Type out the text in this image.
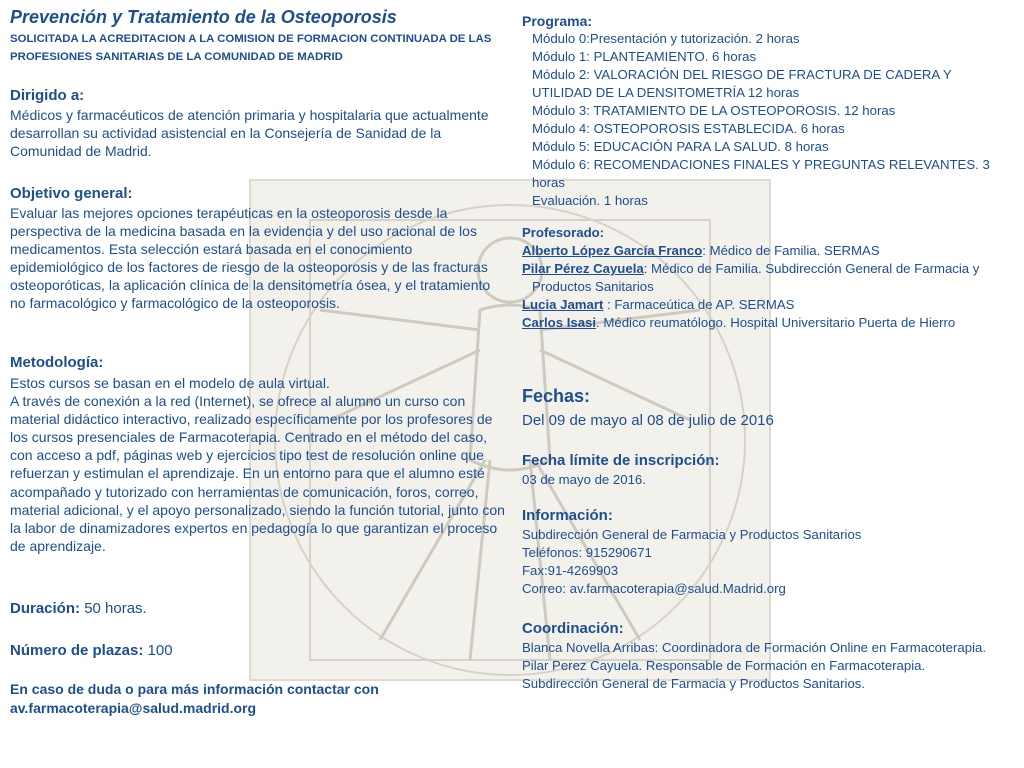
Prevención y Tratamiento de la Osteoporosis
SOLICITADA LA ACREDITACION A LA COMISION DE FORMACION CONTINUADA DE LAS PROFESIONES SANITARIAS DE LA COMUNIDAD DE MADRID
Dirigido a:
Médicos y farmacéuticos de atención primaria y hospitalaria que actualmente desarrollan su actividad asistencial en la Consejería de Sanidad de la Comunidad de Madrid.
Objetivo general:
Evaluar las mejores opciones terapéuticas en la osteoporosis desde la perspectiva de la medicina basada en la evidencia y del uso racional de los medicamentos. Esta selección estará basada en el conocimiento epidemiológico de los factores de riesgo de la osteoporosis y de las fracturas osteoporóticas, la aplicación clínica de la densitometría ósea, y el tratamiento no farmacológico y farmacológico de la osteoporosis.
Metodología:
Estos cursos se basan en el modelo de aula virtual.
A través de conexión a la red (Internet), se ofrece al alumno un curso con material didáctico interactivo, realizado específicamente por los profesores de los cursos presenciales de Farmacoterapia. Centrado en el método del caso, con acceso a pdf, páginas web y ejercicios tipo test de resolución online que refuerzan y estimulan el aprendizaje. En un entorno para que el alumno esté acompañado y tutorizado con herramientas de comunicación, foros, correo, material adicional, y el apoyo personalizado, siendo la función tutorial, junto con la labor de dinamizadores expertos en pedagogía lo que garantizan el proceso de aprendizaje.
Duración: 50 horas.
Número de plazas: 100
En caso de duda o para más información contactar con
av.farmacoterapia@salud.madrid.org
Programa:
Módulo 0:Presentación y tutorización. 2 horas
Módulo 1: PLANTEAMIENTO. 6 horas
Módulo 2: VALORACIÓN DEL RIESGO DE FRACTURA DE CADERA Y UTILIDAD DE LA DENSITOMETRÍA 12 horas
Módulo 3: TRATAMIENTO DE LA OSTEOPOROSIS. 12 horas
Módulo 4: OSTEOPOROSIS ESTABLECIDA. 6 horas
Módulo 5: EDUCACIÓN PARA LA SALUD. 8 horas
Módulo 6: RECOMENDACIONES FINALES Y PREGUNTAS RELEVANTES. 3 horas
Evaluación. 1 horas
Profesorado:
Alberto López García Franco: Médico de Familia. SERMAS
Pilar Pérez Cayuela: Médico de Familia. Subdirección General de Farmacia y Productos Sanitarios
Lucia Jamart : Farmaceútica de AP. SERMAS
Carlos Isasi. Médico reumatólogo. Hospital Universitario Puerta de Hierro
Fechas:
Del 09 de mayo al 08 de julio de 2016
Fecha límite de inscripción:
03 de mayo de 2016.
Información:
Subdirección General de Farmacia y Productos Sanitarios
Teléfonos: 915290671
Fax:91-4269903
Correo: av.farmacoterapia@salud.Madrid.org
Coordinación:
Blanca Novella Arribas: Coordinadora de Formación Online en Farmacoterapia.
Pilar Perez Cayuela. Responsable de Formación en Farmacoterapia. Subdirección General de Farmacia y Productos Sanitarios.
